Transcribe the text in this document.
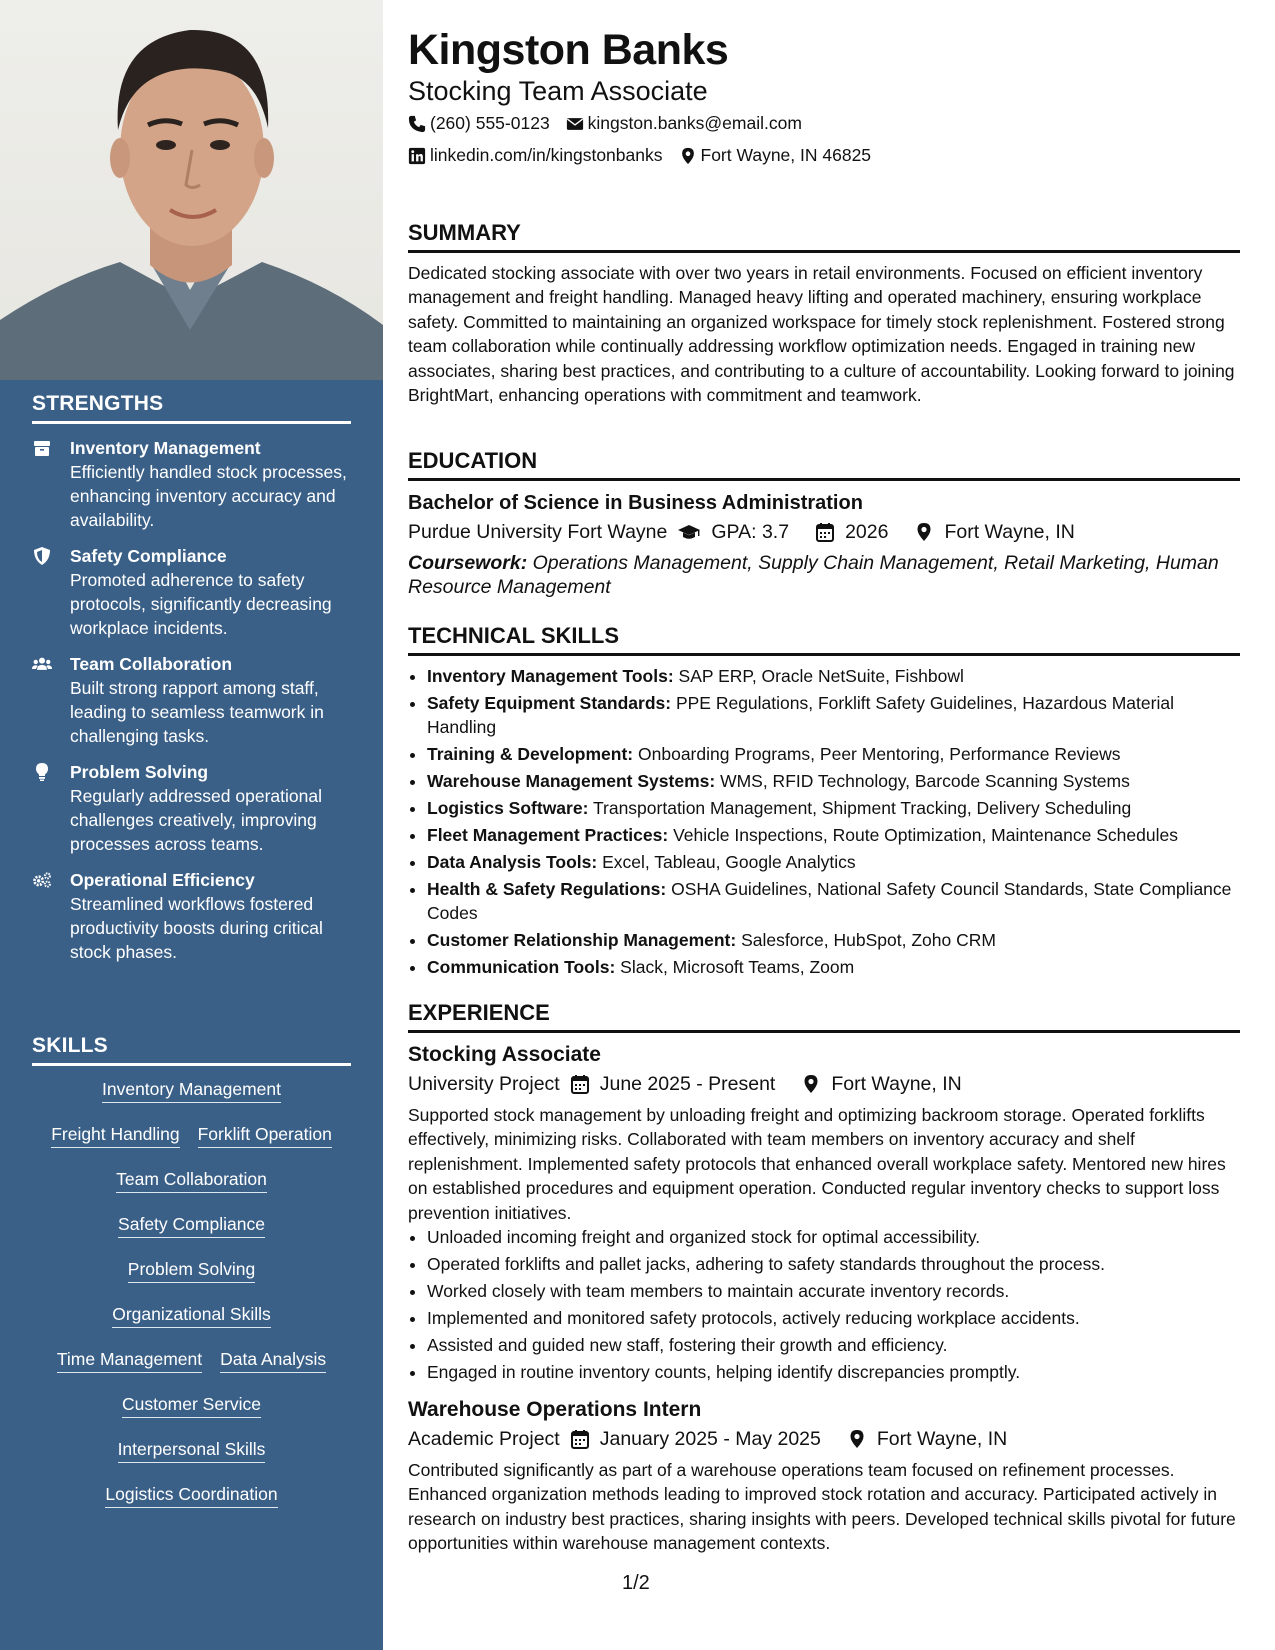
STRENGTHS
Inventory Management
Efficiently handled stock processes, enhancing inventory accuracy and availability.
Safety Compliance
Promoted adherence to safety protocols, significantly decreasing workplace incidents.
Team Collaboration
Built strong rapport among staff, leading to seamless teamwork in challenging tasks.
Problem Solving
Regularly addressed operational challenges creatively, improving processes across teams.
Operational Efficiency
Streamlined workflows fostered productivity boosts during critical stock phases.
SKILLS
Inventory Management
Freight Handling Forklift Operation
Team Collaboration
Safety Compliance
Problem Solving
Organizational Skills
Time Management Data Analysis
Customer Service
Interpersonal Skills
Logistics Coordination
Kingston Banks
Stocking Team Associate
(260) 555-0123 kingston.banks@email.com
linkedin.com/in/kingstonbanks Fort Wayne, IN 46825
SUMMARY

Dedicated stocking associate with over two years in retail environments. Focused on efficient inventory management and freight handling. Managed heavy lifting and operated machinery, ensuring workplace safety. Committed to maintaining an organized workspace for timely stock replenishment. Fostered strong team collaboration while continually addressing workflow optimization needs. Engaged in training new associates, sharing best practices, and contributing to a culture of accountability. Looking forward to joining BrightMart, enhancing operations with commitment and teamwork.

EDUCATION
Bachelor of Science in Business Administration
Purdue University Fort Wayne GPA: 3.7	2026	Fort Wayne, IN
Coursework: Operations Management, Supply Chain Management, Retail Marketing, Human Resource Management
TECHNICAL SKILLS
• Inventory Management Tools: SAP ERP, Oracle NetSuite, Fishbowl
• Safety Equipment Standards: PPE Regulations, Forklift Safety Guidelines, Hazardous Material Handling
• Training & Development: Onboarding Programs, Peer Mentoring, Performance Reviews
• Warehouse Management Systems: WMS, RFID Technology, Barcode Scanning Systems
• Logistics Software: Transportation Management, Shipment Tracking, Delivery Scheduling
• Fleet Management Practices: Vehicle Inspections, Route Optimization, Maintenance Schedules
• Data Analysis Tools: Excel, Tableau, Google Analytics
• Health & Safety Regulations: OSHA Guidelines, National Safety Council Standards, State Compliance Codes
• Customer Relationship Management: Salesforce, HubSpot, Zoho CRM
• Communication Tools: Slack, Microsoft Teams, Zoom
EXPERIENCE
Stocking Associate
University Project June 2025 - Present	Fort Wayne, IN

Supported stock management by unloading freight and optimizing backroom storage. Operated forklifts effectively, minimizing risks. Collaborated with team members on inventory accuracy and shelf replenishment. Implemented safety protocols that enhanced overall workplace safety. Mentored new hires on established procedures and equipment operation. Conducted regular inventory checks to support loss prevention initiatives.

• Unloaded incoming freight and organized stock for optimal accessibility.
• Operated forklifts and pallet jacks, adhering to safety standards throughout the process.
• Worked closely with team members to maintain accurate inventory records.
• Implemented and monitored safety protocols, actively reducing workplace accidents.
• Assisted and guided new staff, fostering their growth and efficiency.
• Engaged in routine inventory counts, helping identify discrepancies promptly.
Warehouse Operations Intern
Academic Project January 2025 - May 2025	Fort Wayne, IN

Contributed significantly as part of a warehouse operations team focused on refinement processes. Enhanced organization methods leading to improved stock rotation and accuracy. Participated actively in research on industry best practices, sharing insights with peers. Developed technical skills pivotal for future opportunities within warehouse management contexts.

1/2
